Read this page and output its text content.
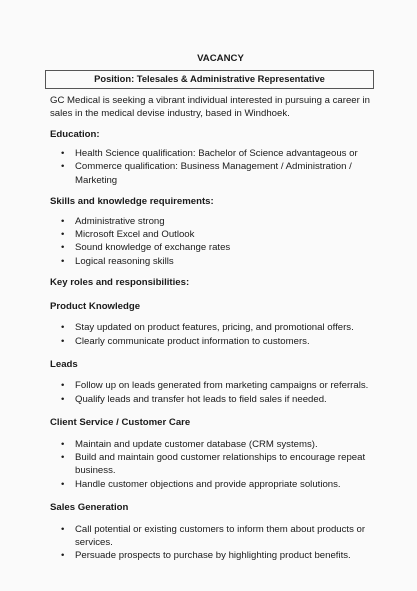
VACANCY
Position: Telesales & Administrative Representative

GC Medical is seeking a vibrant individual interested in pursuing a career in sales in the medical devise industry, based in Windhoek.

Education:
• Health Science qualification: Bachelor of Science advantageous or
• Commerce qualification: Business Management / Administration / Marketing
Skills and knowledge requirements:
• Administrative strong
• Microsoft Excel and Outlook
• Sound knowledge of exchange rates
• Logical reasoning skills
Key roles and responsibilities:
Product Knowledge
• Stay updated on product features, pricing, and promotional offers.
• Clearly communicate product information to customers.
Leads
• Follow up on leads generated from marketing campaigns or referrals.
• Qualify leads and transfer hot leads to field sales if needed.
Client Service / Customer Care
• Maintain and update customer database (CRM systems).
• Build and maintain good customer relationships to encourage repeat business.
• Handle customer objections and provide appropriate solutions.
Sales Generation
• Call potential or existing customers to inform them about products or services.
• Persuade prospects to purchase by highlighting product benefits.
